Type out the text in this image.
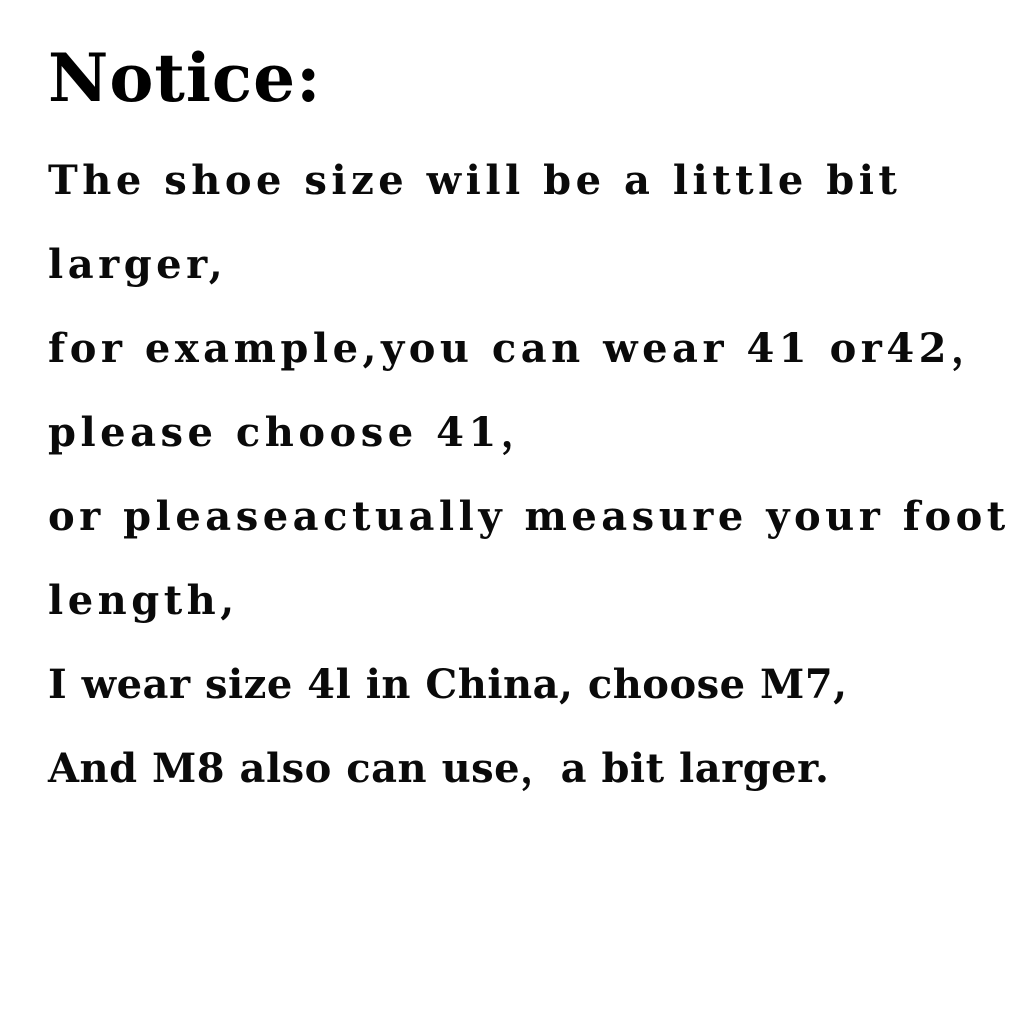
Notice:
The shoe size will be a little bit
larger,
for example,you can wear 41 or42，
please choose 41，
or pleaseactually measure your foot
length,
I wear size 4l in China, choose M7,
And M8 also can use，a bit larger.
